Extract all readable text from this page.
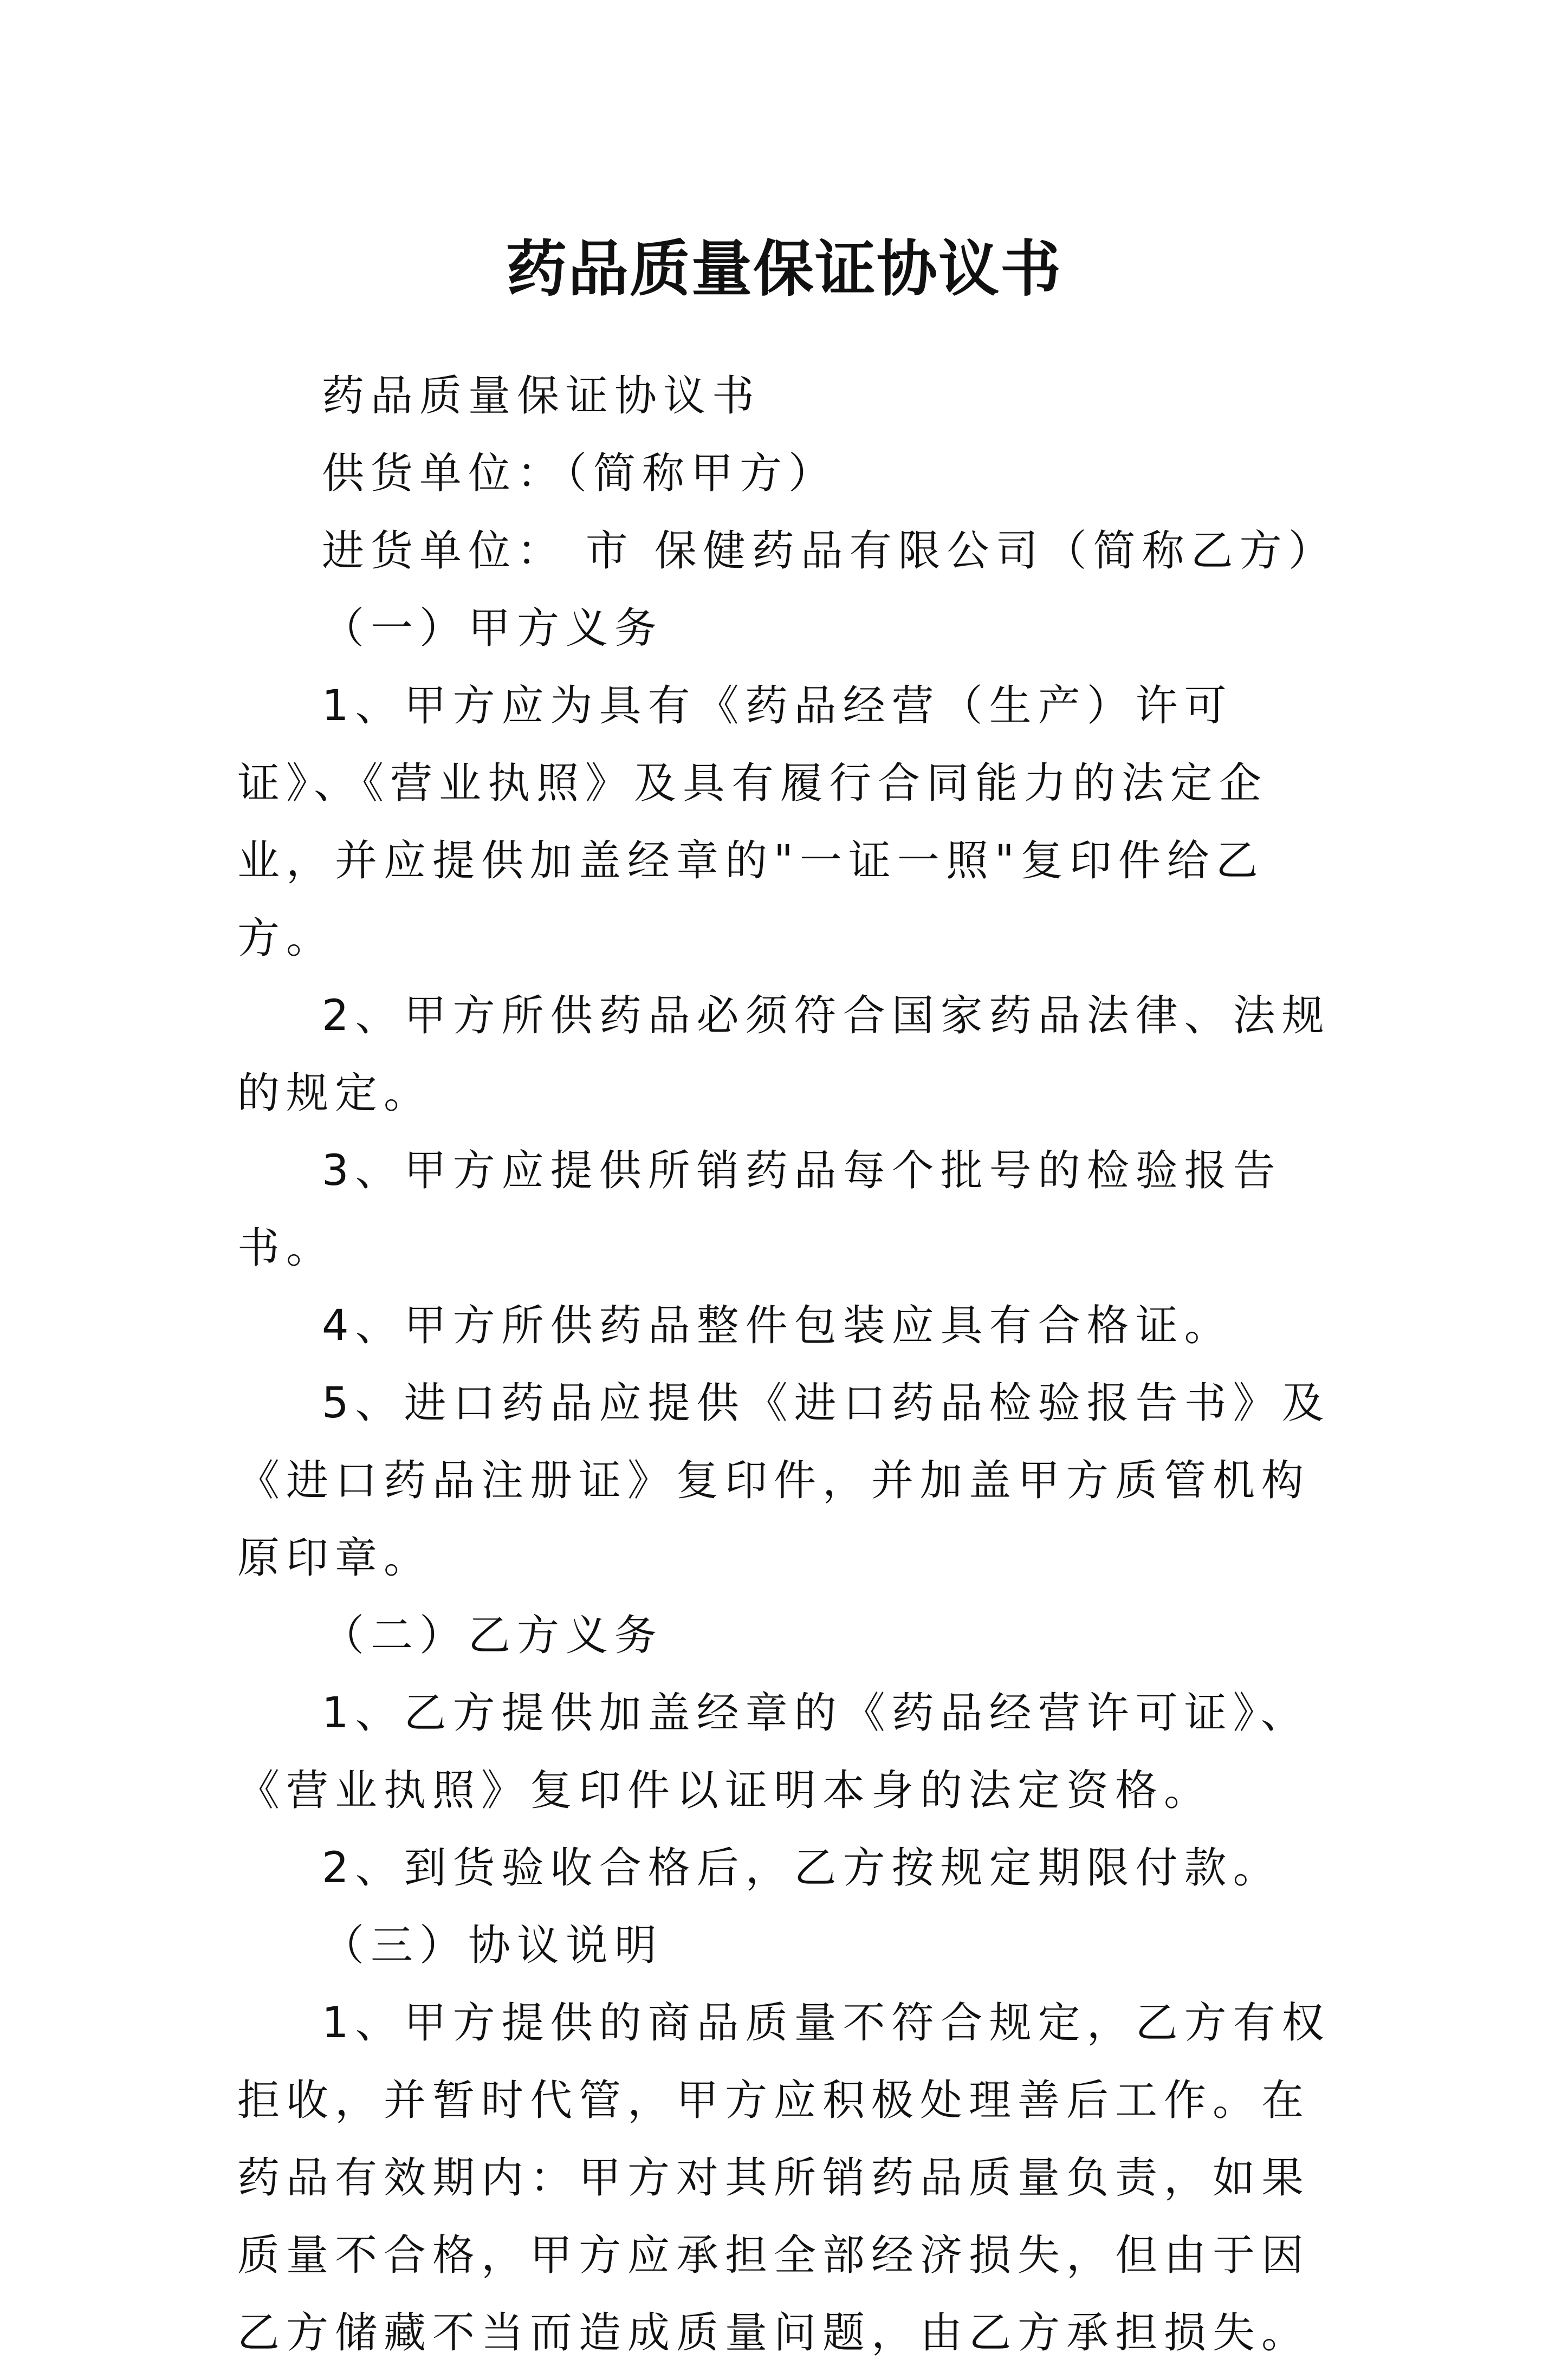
药品质量保证协议书

药品质量保证协议书

供货单位：（简称甲方）

进货单位： 市 保健药品有限公司（简称乙方）

（一）甲方义务

1、甲方应为具有《药品经营（生产）许可证》、《营业执照》及具有履行合同能力的法定企业，并应提供加盖经章的"一证一照"复印件给乙方。

2、甲方所供药品必须符合国家药品法律、法规的规定。

3、甲方应提供所销药品每个批号的检验报告书。

4、甲方所供药品整件包装应具有合格证。

5、进口药品应提供《进口药品检验报告书》及《进口药品注册证》复印件，并加盖甲方质管机构原印章。

（二）乙方义务

1、乙方提供加盖经章的《药品经营许可证》、《营业执照》复印件以证明本身的法定资格。

2、到货验收合格后，乙方按规定期限付款。

（三）协议说明

1、甲方提供的商品质量不符合规定，乙方有权拒收，并暂时代管，甲方应积极处理善后工作。在药品有效期内：甲方对其所销药品质量负责，如果质量不合格，甲方应承担全部经济损失，但由于因乙方储藏不当而造成质量问题，由乙方承担损失。
